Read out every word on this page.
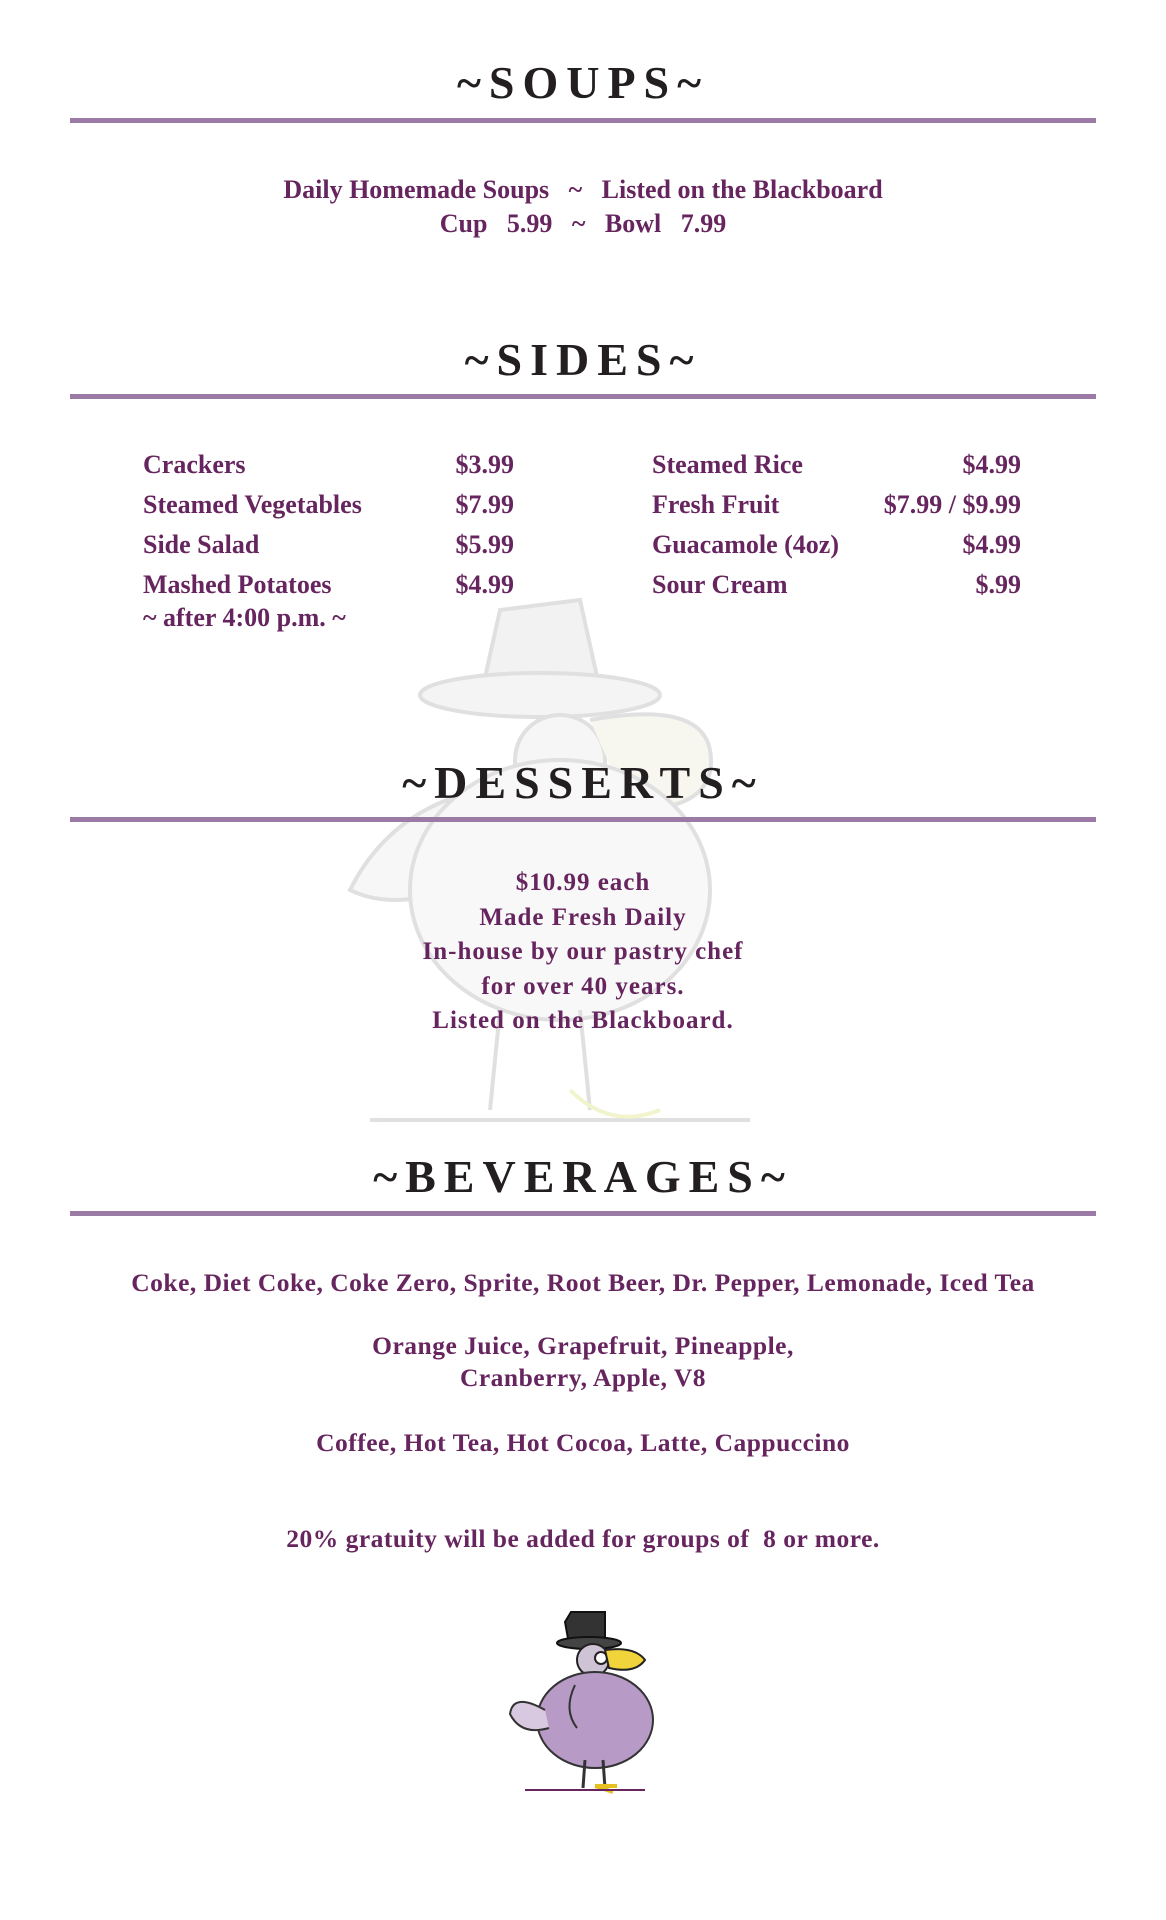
~SOUPS~
Daily Homemade Soups   ~   Listed on the Blackboard
Cup   5.99   ~   Bowl   7.99
~SIDES~
Crackers	$3.99
Steamed Vegetables	$7.99
Side Salad	$5.99
Mashed Potatoes	$4.99
~ after 4:00 p.m. ~
Steamed Rice	$4.99
Fresh Fruit	$7.99 / $9.99
Guacamole (4oz)	$4.99
Sour Cream	$.99
~DESSERTS~
$10.99 each
Made Fresh Daily
In-house by our pastry chef
for over 40 years.
Listed on the Blackboard.
~BEVERAGES~
Coke, Diet Coke, Coke Zero, Sprite, Root Beer, Dr. Pepper, Lemonade, Iced Tea
Orange Juice, Grapefruit, Pineapple,
Cranberry, Apple, V8
Coffee, Hot Tea, Hot Cocoa, Latte, Cappuccino
20% gratuity will be added for groups of  8 or more.
